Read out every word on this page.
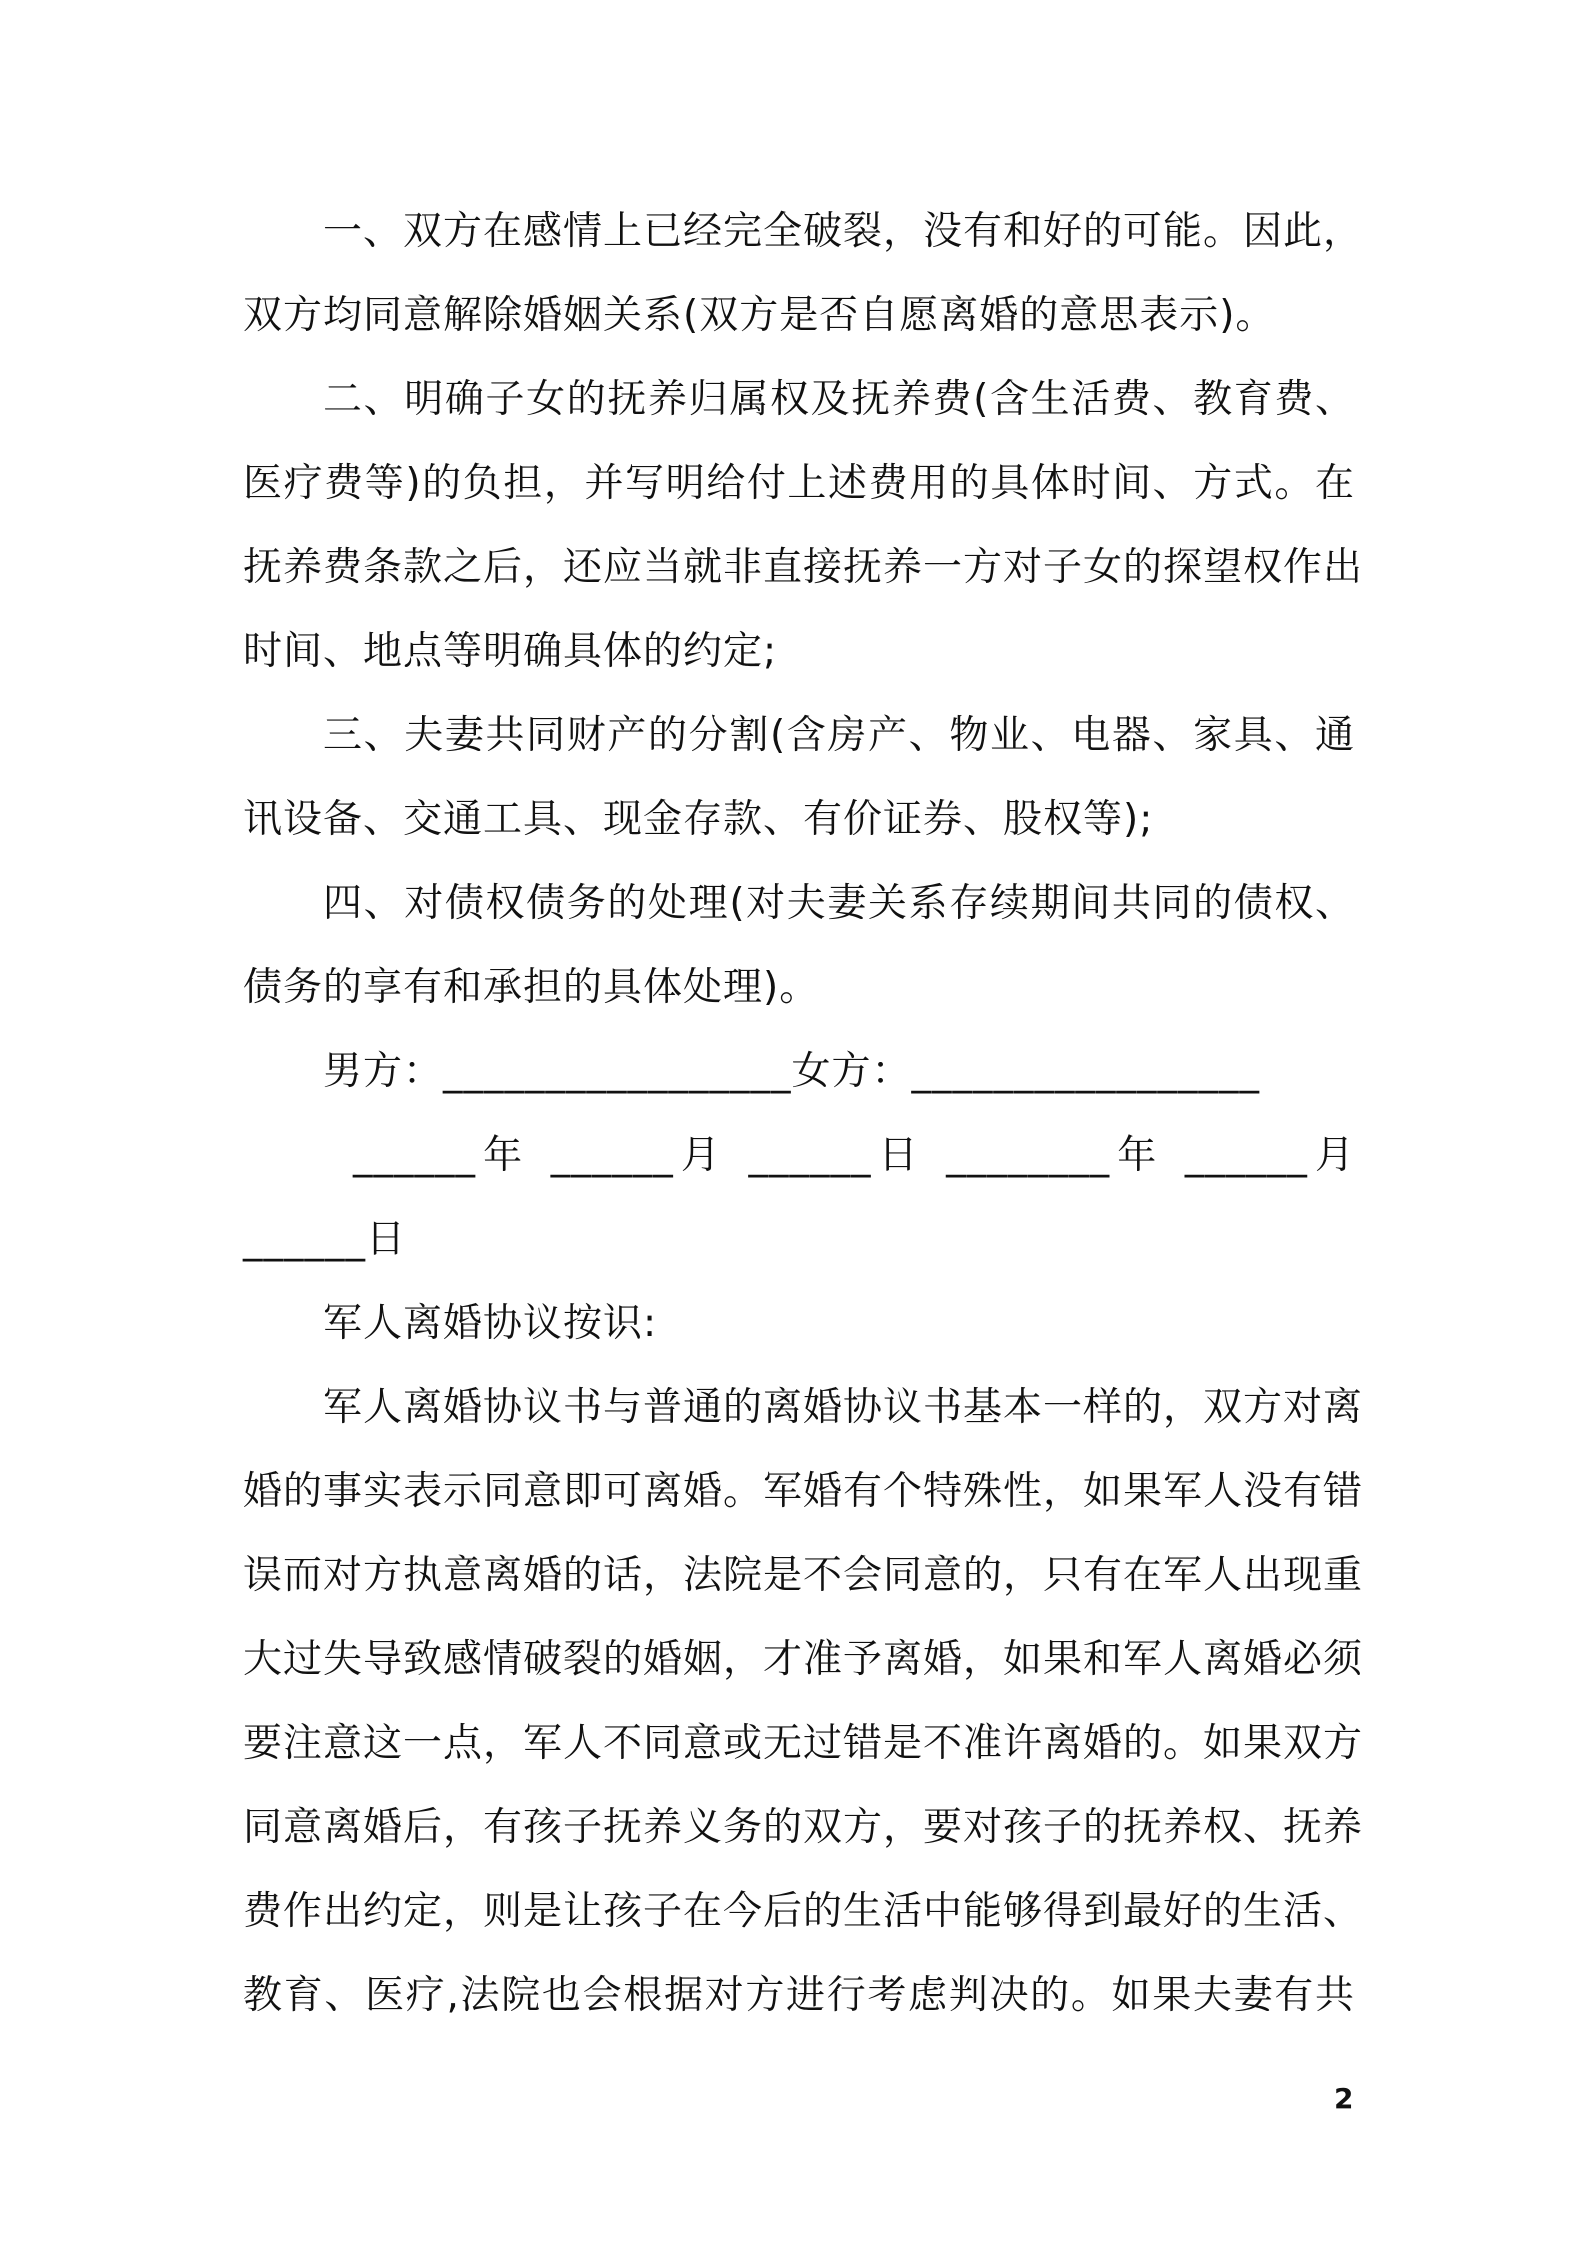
一、双方在感情上已经完全破裂，没有和好的可能。因此，
双方均同意解除婚姻关系(双方是否自愿离婚的意思表示)。
二、明确子女的抚养归属权及抚养费(含生活费、教育费、
医疗费等)的负担，并写明给付上述费用的具体时间、方式。在
抚养费条款之后，还应当就非直接抚养一方对子女的探望权作出
时间、地点等明确具体的约定;
三、夫妻共同财产的分割(含房产、物业、电器、家具、通
讯设备、交通工具、现金存款、有价证券、股权等);
四、对债权债务的处理(对夫妻关系存续期间共同的债权、
债务的享有和承担的具体处理)。
男方：_________________女方：_________________
______年 ______月 ______日 ________年 ______月
______日
军人离婚协议按识:
军人离婚协议书与普通的离婚协议书基本一样的，双方对离
婚的事实表示同意即可离婚。军婚有个特殊性，如果军人没有错
误而对方执意离婚的话，法院是不会同意的，只有在军人出现重
大过失导致感情破裂的婚姻，才准予离婚，如果和军人离婚必须
要注意这一点，军人不同意或无过错是不准许离婚的。如果双方
同意离婚后，有孩子抚养义务的双方，要对孩子的抚养权、抚养
费作出约定，则是让孩子在今后的生活中能够得到最好的生活、
教育、医疗,法院也会根据对方进行考虑判决的。如果夫妻有共
2
